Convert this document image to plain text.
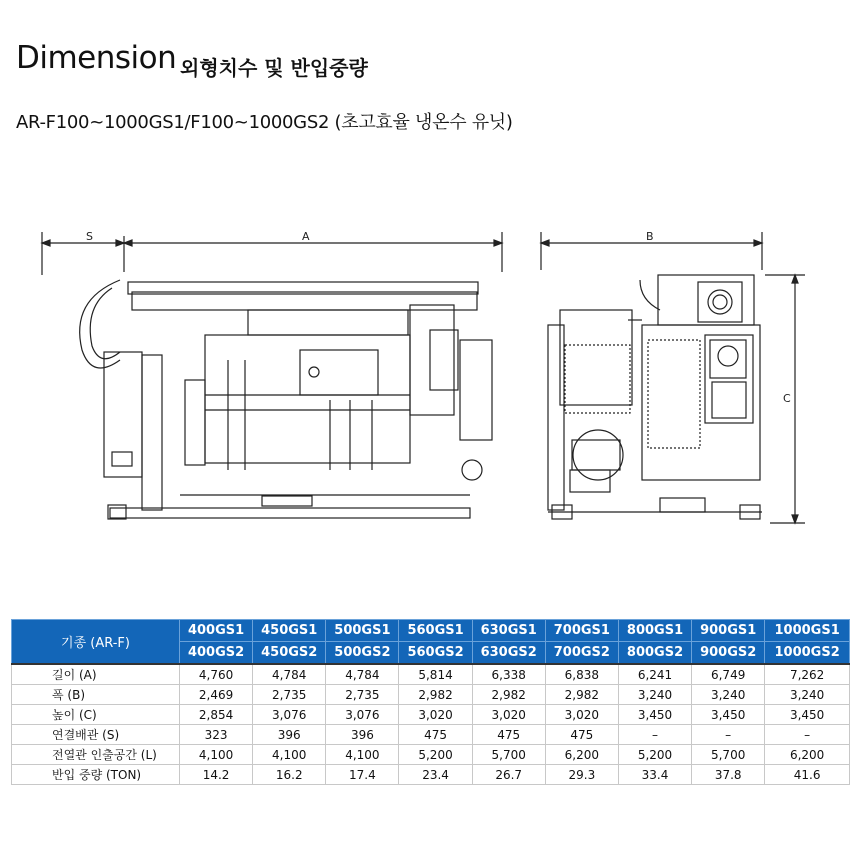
Dimension 외형치수 및 반입중량
AR-F100~1000GS1/F100~1000GS2 (초고효율 냉온수 유닛)
S	A	B
C
기종 (AR-F)	400GS1	450GS1	500GS1	560GS1	630GS1	700GS1	800GS1	900GS1	1000GS1
	400GS2	450GS2	500GS2	560GS2	630GS2	700GS2	800GS2	900GS2	1000GS2
길이 (A)	4,760	4,784	4,784	5,814	6,338	6,838	6,241	6,749	7,262
폭 (B)	2,469	2,735	2,735	2,982	2,982	2,982	3,240	3,240	3,240
높이 (C)	2,854	3,076	3,076	3,020	3,020	3,020	3,450	3,450	3,450
연결배관 (S)	323	396	396	475	475	475	–	–	–
전열관 인출공간 (L)	4,100	4,100	4,100	5,200	5,700	6,200	5,200	5,700	6,200
반입 중량 (TON)	14.2	16.2	17.4	23.4	26.7	29.3	33.4	37.8	41.6
